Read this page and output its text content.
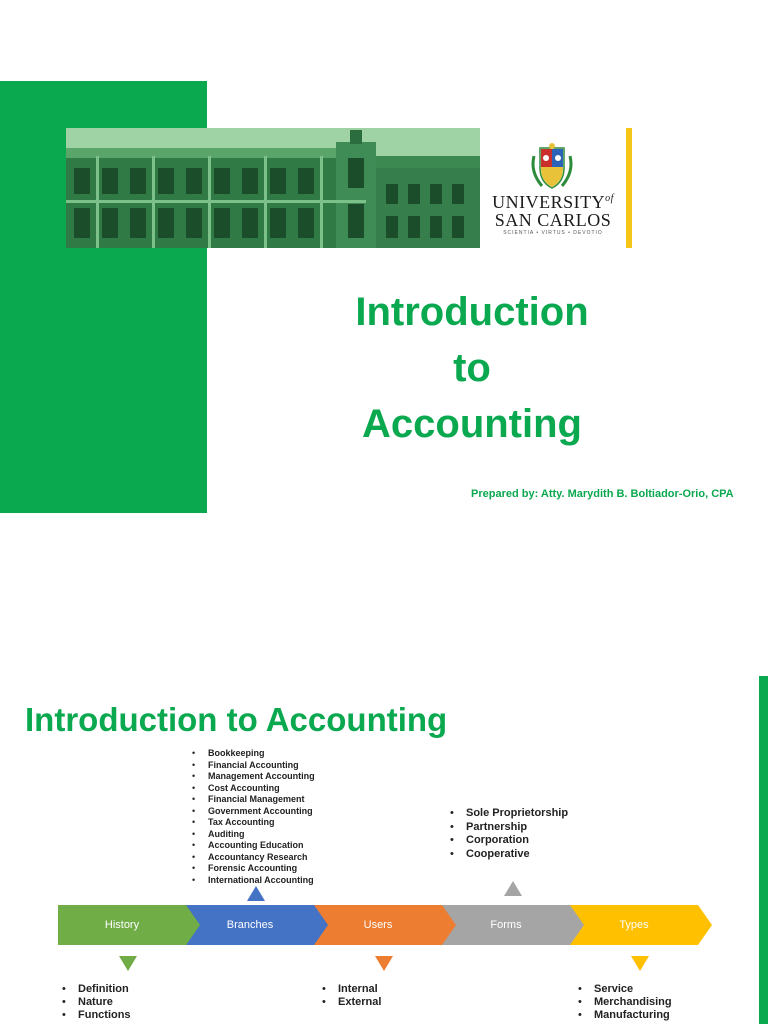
$UNIVERSITY^{of}$
SAN CARLOS
SCIENTIA • VIRTUS • DEVOTIO
Introduction
to
Accounting
Prepared by: Atty. Marydith B. Boltiador-Orio, CPA
Introduction to Accounting
• Bookkeeping
• Financial Accounting
• Management Accounting
• Cost Accounting
• Financial Management
• Government Accounting
• Tax Accounting
• Auditing
• Accounting Education
• Accountancy Research
• Forensic Accounting
• International Accounting
• Sole Proprietorship
• Partnership
• Corporation
• Cooperative
History	Branches	Users	Forms	Types
• Definition
• Nature
• Functions
• Internal
• External
• Service
• Merchandising
• Manufacturing
